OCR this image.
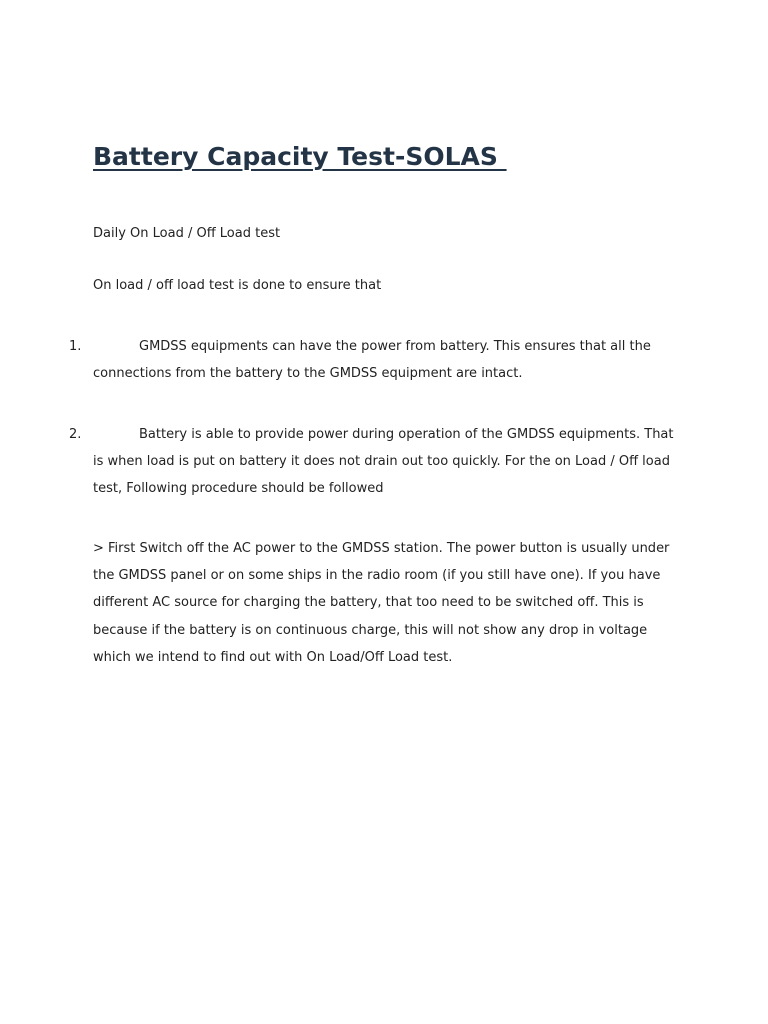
Battery Capacity Test-SOLAS

Daily On Load / Off Load test

On load / off load test is done to ensure that

1.	GMDSS equipments can have the power from battery. This ensures that all the connections from the battery to the GMDSS equipment are intact.
2.	Battery is able to provide power during operation of the GMDSS equipments. That is when load is put on battery it does not drain out too quickly. For the on Load / Off load test, Following procedure should be followed

> First Switch off the AC power to the GMDSS station. The power button is usually under the GMDSS panel or on some ships in the radio room (if you still have one). If you have different AC source for charging the battery, that too need to be switched off. This is because if the battery is on continuous charge, this will not show any drop in voltage which we intend to find out with On Load/Off Load test.
